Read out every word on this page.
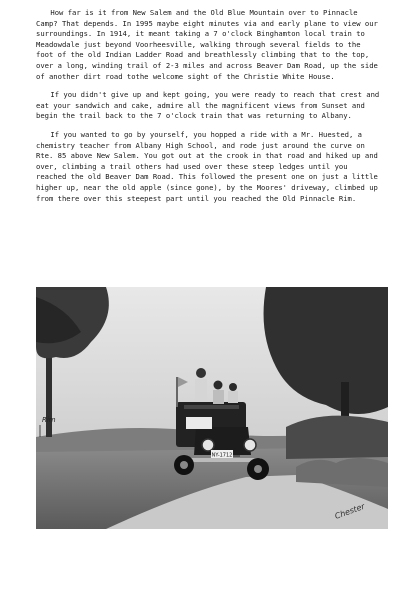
How far is it from New Salem and the Old Blue Mountain over to Pinnacle Camp? That depends. In 1995 maybe eight minutes via and early plane to view our surroundings. In 1914, it meant taking a 7 o'clock Binghamton local train to Meadowdale just beyond Voorheesville, walking through several fields to the foot of the old Indian Ladder Road and breathlessly climbing that to the top, over a long, winding trail of 2-3 miles and across Beaver Dam Road, up the side of another dirt road tothe welcome sight of the Christie White House.

If you didn't give up and kept going, you were ready to reach that crest and eat your sandwich and cake, admire all the magnificent views from Sunset and begin the trail back to the 7 o'clock train that was returning to Albany.

If you wanted to go by yourself, you hopped a ride with a Mr. Huested, a chemistry teacher from Albany High School, and rode just around the curve on Rte. 85 above New Salem. You got out at the crook in that road and hiked up and over, climbing a trail others had used over these steep ledges until you reached the old Beaver Dam Road. This followed the present one on just a little higher up, near the old apple (since gone), by the Moores' driveway, climbed up from there over this steepest part until you reached the Old Pinnacle Rim.

NY-1712
Rim
Chester
